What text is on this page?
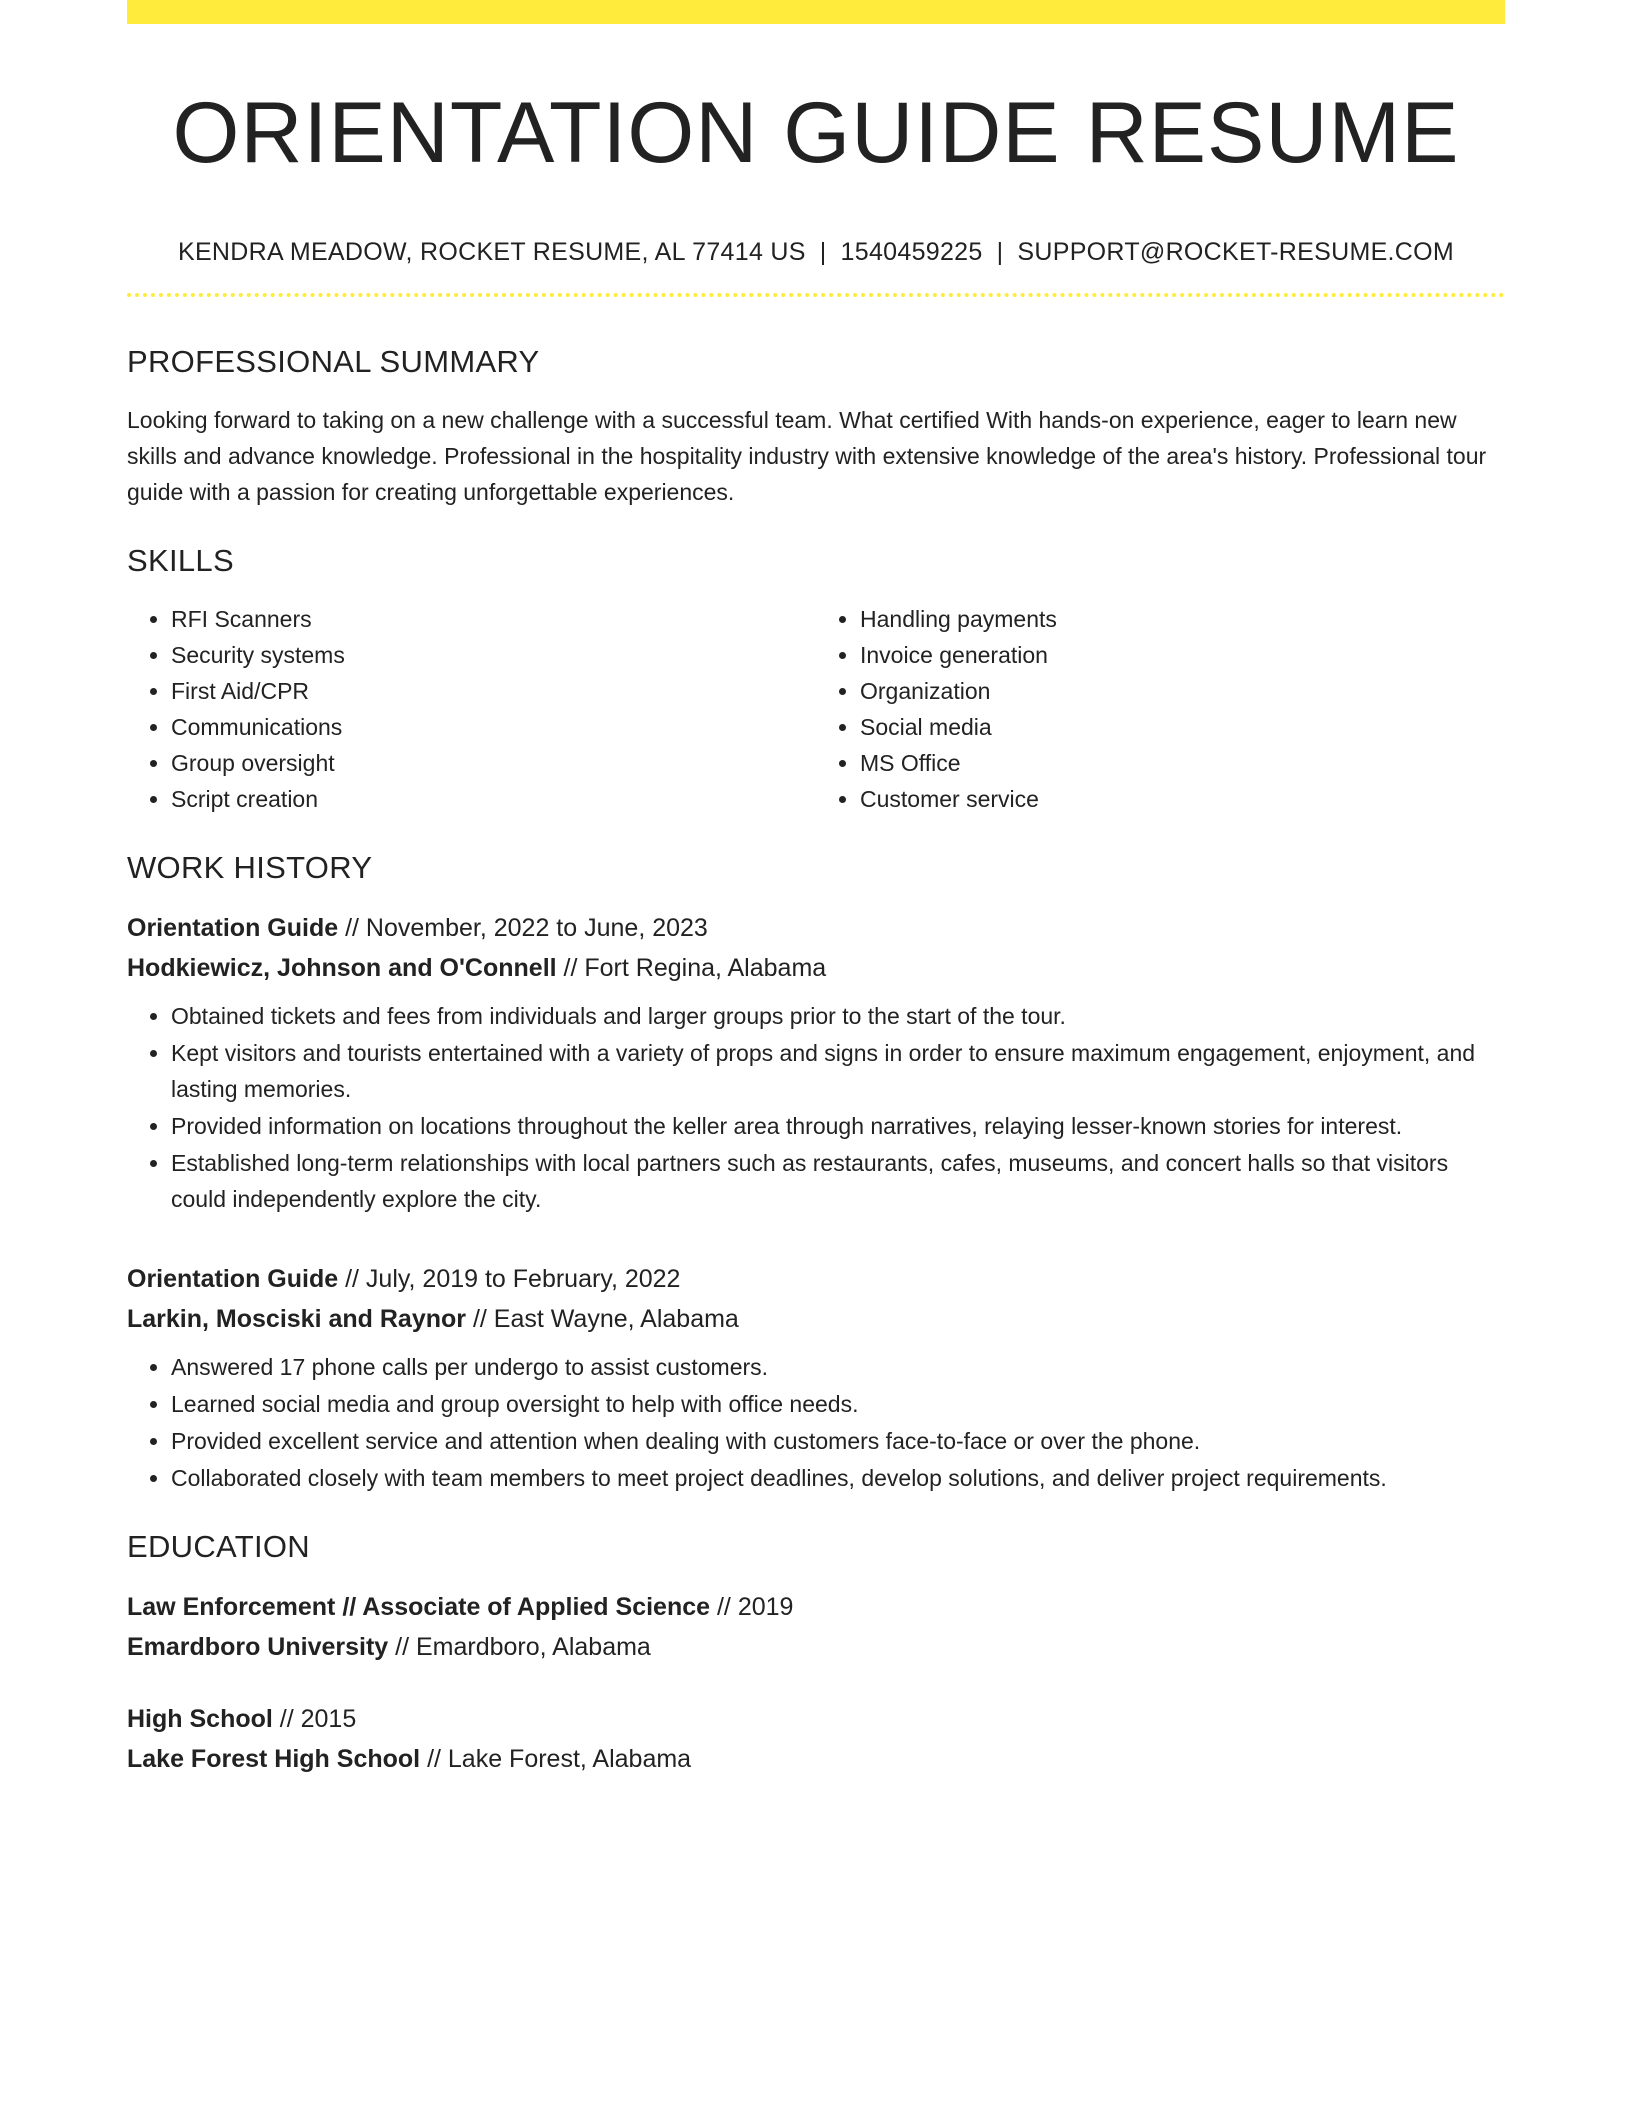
ORIENTATION GUIDE RESUME
KENDRA MEADOW, ROCKET RESUME, AL 77414 US | 1540459225 | SUPPORT@ROCKET-RESUME.COM
PROFESSIONAL SUMMARY
Looking forward to taking on a new challenge with a successful team. What certified With hands-on experience, eager to learn new skills and advance knowledge. Professional in the hospitality industry with extensive knowledge of the area's history. Professional tour guide with a passion for creating unforgettable experiences.
SKILLS
• RFI Scanners
• Security systems
• First Aid/CPR
• Communications
• Group oversight
• Script creation
• Handling payments
• Invoice generation
• Organization
• Social media
• MS Office
• Customer service
WORK HISTORY
Orientation Guide // November, 2022 to June, 2023
Hodkiewicz, Johnson and O'Connell // Fort Regina, Alabama
• Obtained tickets and fees from individuals and larger groups prior to the start of the tour.
• Kept visitors and tourists entertained with a variety of props and signs in order to ensure maximum engagement, enjoyment, and lasting memories.
• Provided information on locations throughout the keller area through narratives, relaying lesser-known stories for interest.
• Established long-term relationships with local partners such as restaurants, cafes, museums, and concert halls so that visitors could independently explore the city.
Orientation Guide // July, 2019 to February, 2022
Larkin, Mosciski and Raynor // East Wayne, Alabama
• Answered 17 phone calls per undergo to assist customers.
• Learned social media and group oversight to help with office needs.
• Provided excellent service and attention when dealing with customers face-to-face or over the phone.
• Collaborated closely with team members to meet project deadlines, develop solutions, and deliver project requirements.
EDUCATION
Law Enforcement // Associate of Applied Science // 2019
Emardboro University // Emardboro, Alabama
High School // 2015
Lake Forest High School // Lake Forest, Alabama
